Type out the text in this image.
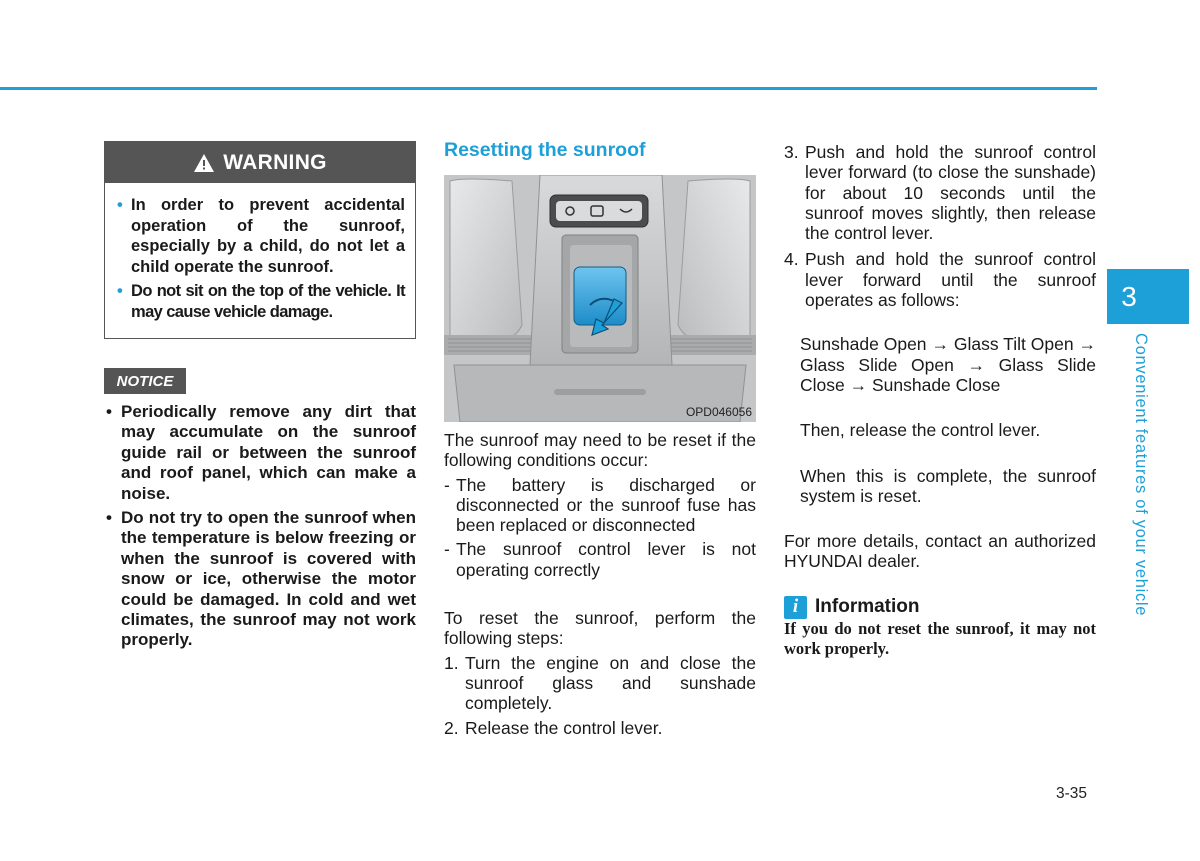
WARNING
• In order to prevent accidental operation of the sunroof, especially by a child, do not let a child operate the sunroof.
• Do not sit on the top of the vehicle. It may cause vehicle damage.
NOTICE
• Periodically remove any dirt that may accumulate on the sunroof guide rail or between the sunroof and roof panel, which can make a noise.
• Do not try to open the sunroof when the temperature is below freezing or when the sunroof is covered with snow or ice, otherwise the motor could be damaged. In cold and wet climates, the sunroof may not work properly.
Resetting the sunroof
OPD046056

The sunroof may need to be reset if the following conditions occur:

- The battery is discharged or disconnected or the sunroof fuse has been replaced or disconnected
- The sunroof control lever is not operating correctly

To reset the sunroof, perform the following steps:

1. Turn the engine on and close the sunroof glass and sunshade completely.
2. Release the control lever.
3. Push and hold the sunroof control lever forward (to close the sunshade) for about 10 seconds until the sunroof moves slightly, then release the control lever.
4. Push and hold the sunroof control lever forward until the sunroof operates as follows:

Sunshade Open → Glass Tilt Open → Glass Slide Open → Glass Slide Close → Sunshade Close

Then, release the control lever.

When this is complete, the sunroof system is reset.

For more details, contact an authorized HYUNDAI dealer.

i Information

If you do not reset the sunroof, it may not work properly.

3
Convenient features of your vehicle
3-35
